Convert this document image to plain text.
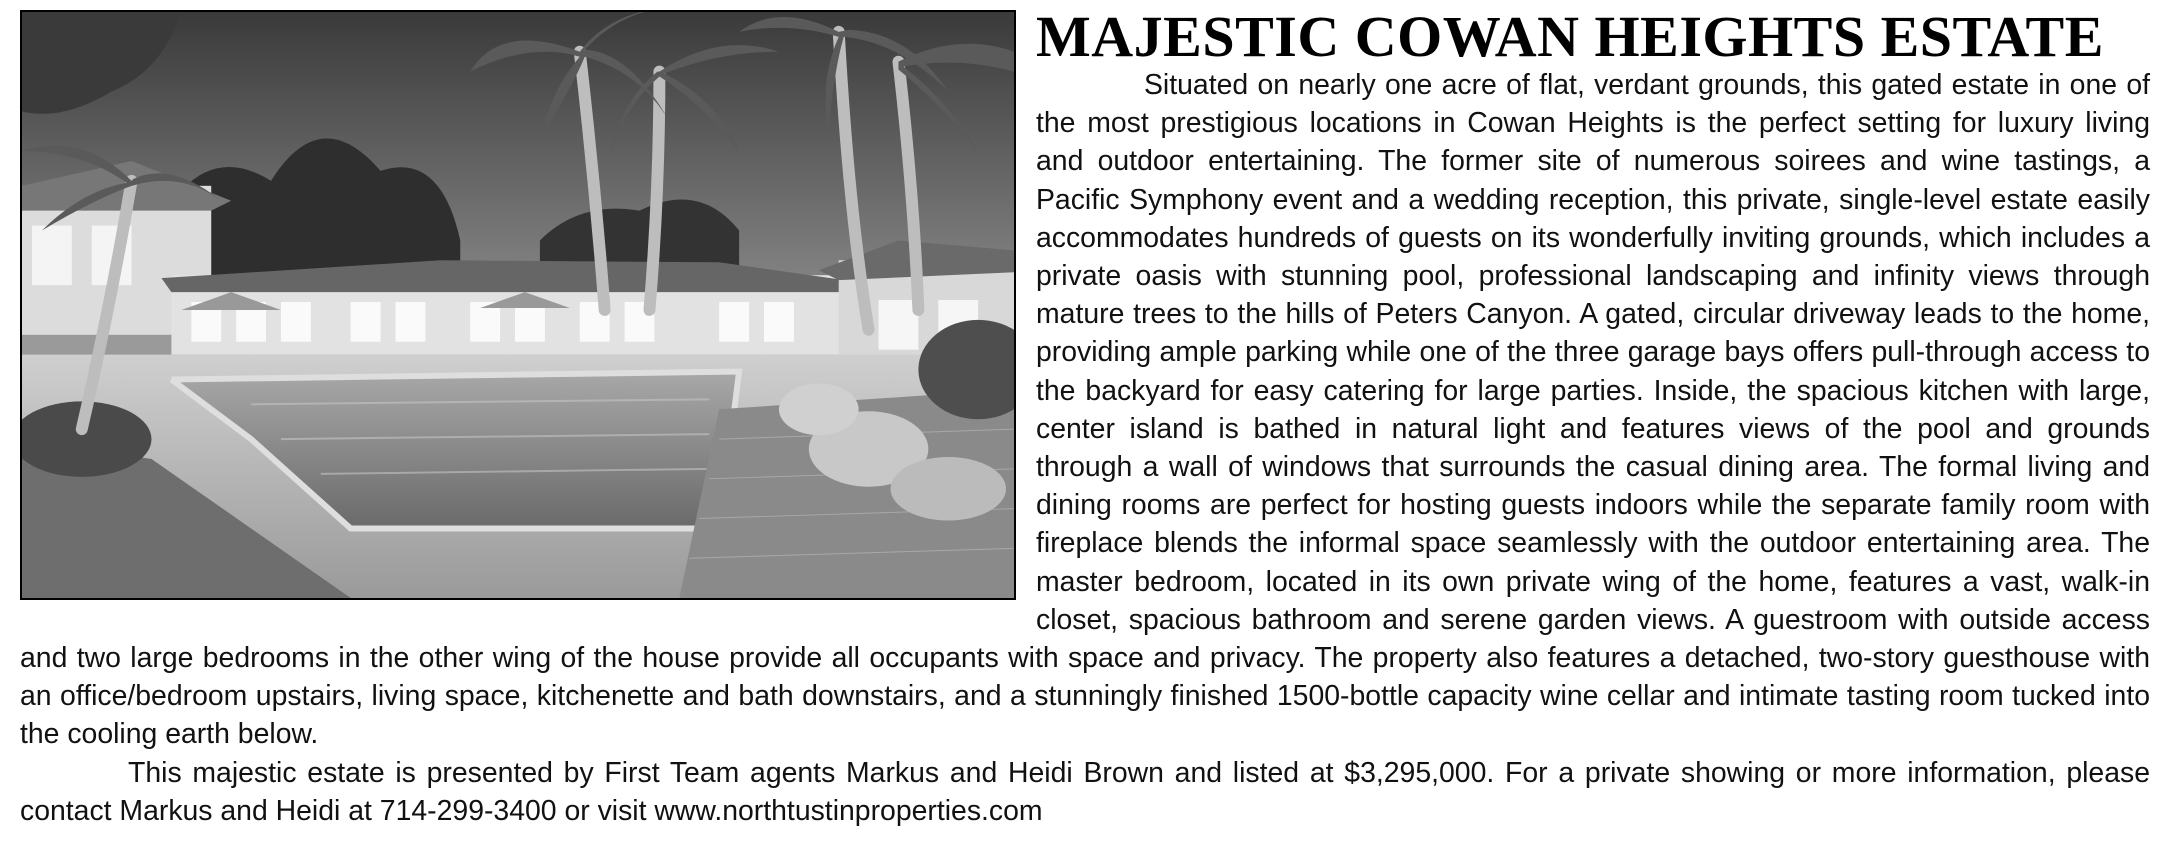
MAJESTIC COWAN HEIGHTS ESTATE

Situated on nearly one acre of flat, verdant grounds, this gated estate in one of the most prestigious locations in Cowan Heights is the perfect setting for luxury living and outdoor entertaining. The former site of numerous soirees and wine tastings, a Pacific Symphony event and a wedding reception, this private, single-level estate easily accommodates hundreds of guests on its wonderfully inviting grounds, which includes a private oasis with stunning pool, professional landscaping and infinity views through mature trees to the hills of Peters Canyon. A gated, circular driveway leads to the home, providing ample parking while one of the three garage bays offers pull-through access to the backyard for easy catering for large parties. Inside, the spacious kitchen with large, center island is bathed in natural light and features views of the pool and grounds through a wall of windows that surrounds the casual dining area. The formal living and dining rooms are perfect for hosting guests indoors while the separate family room with fireplace blends the informal space seamlessly with the outdoor entertaining area. The master bedroom, located in its own private wing of the home, features a vast, walk-in closet, spacious bathroom and serene garden views. A guestroom with outside access and two large bedrooms in the other wing of the house provide all occupants with space and privacy. The property also features a detached, two-story guesthouse with an office/bedroom upstairs, living space, kitchenette and bath downstairs, and a stunningly finished 1500-bottle capacity wine cellar and intimate tasting room tucked into the cooling earth below.

This majestic estate is presented by First Team agents Markus and Heidi Brown and listed at $3,295,000. For a private showing or more information, please contact Markus and Heidi at 714-299-3400 or visit www.northtustinproperties.com
